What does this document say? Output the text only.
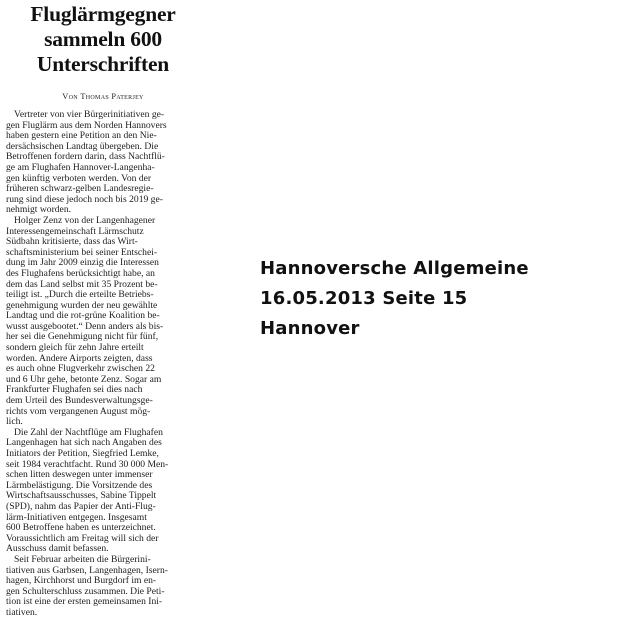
Fluglärmgegner
sammeln 600
Unterschriften
Von Thomas Paterjey
Vertreter von vier Bürgerinitiativen ge-
gen Fluglärm aus dem Norden Hannovers
haben gestern eine Petition an den Nie-
dersächsischen Landtag übergeben. Die
Betroffenen fordern darin, dass Nachtflü-
ge am Flughafen Hannover-Langenha-
gen künftig verboten werden. Von der
früheren schwarz-gelben Landesregie-
rung sind diese jedoch noch bis 2019 ge-
nehmigt worden.
Holger Zenz von der Langenhagener
Interessengemeinschaft Lärmschutz
Südbahn kritisierte, dass das Wirt-
schaftsministerium bei seiner Entschei-
dung im Jahr 2009 einzig die Interessen
des Flughafens berücksichtigt habe, an
dem das Land selbst mit 35 Prozent be-
teiligt ist. „Durch die erteilte Betriebs-
genehmigung wurden der neu gewählte
Landtag und die rot-grüne Koalition be-
wusst ausgebootet.“ Denn anders als bis-
her sei die Genehmigung nicht für fünf,
sondern gleich für zehn Jahre erteilt
worden. Andere Airports zeigten, dass
es auch ohne Flugverkehr zwischen 22
und 6 Uhr gehe, betonte Zenz. Sogar am
Frankfurter Flughafen sei dies nach
dem Urteil des Bundesverwaltungsge-
richts vom vergangenen August mög-
lich.
Die Zahl der Nachtflüge am Flughafen
Langenhagen hat sich nach Angaben des
Initiators der Petition, Siegfried Lemke,
seit 1984 verachtfacht. Rund 30 000 Men-
schen litten deswegen unter immenser
Lärmbelästigung. Die Vorsitzende des
Wirtschaftsausschusses, Sabine Tippelt
(SPD), nahm das Papier der Anti-Flug-
lärm-Initiativen entgegen. Insgesamt
600 Betroffene haben es unterzeichnet.
Voraussichtlich am Freitag will sich der
Ausschuss damit befassen.
Seit Februar arbeiten die Bürgerini-
tiativen aus Garbsen, Langenhagen, Isern-
hagen, Kirchhorst und Burgdorf im en-
gen Schulterschluss zusammen. Die Peti-
tion ist eine der ersten gemeinsamen Ini-
tiativen.
Hannoversche Allgemeine
16.05.2013 Seite 15
Hannover
